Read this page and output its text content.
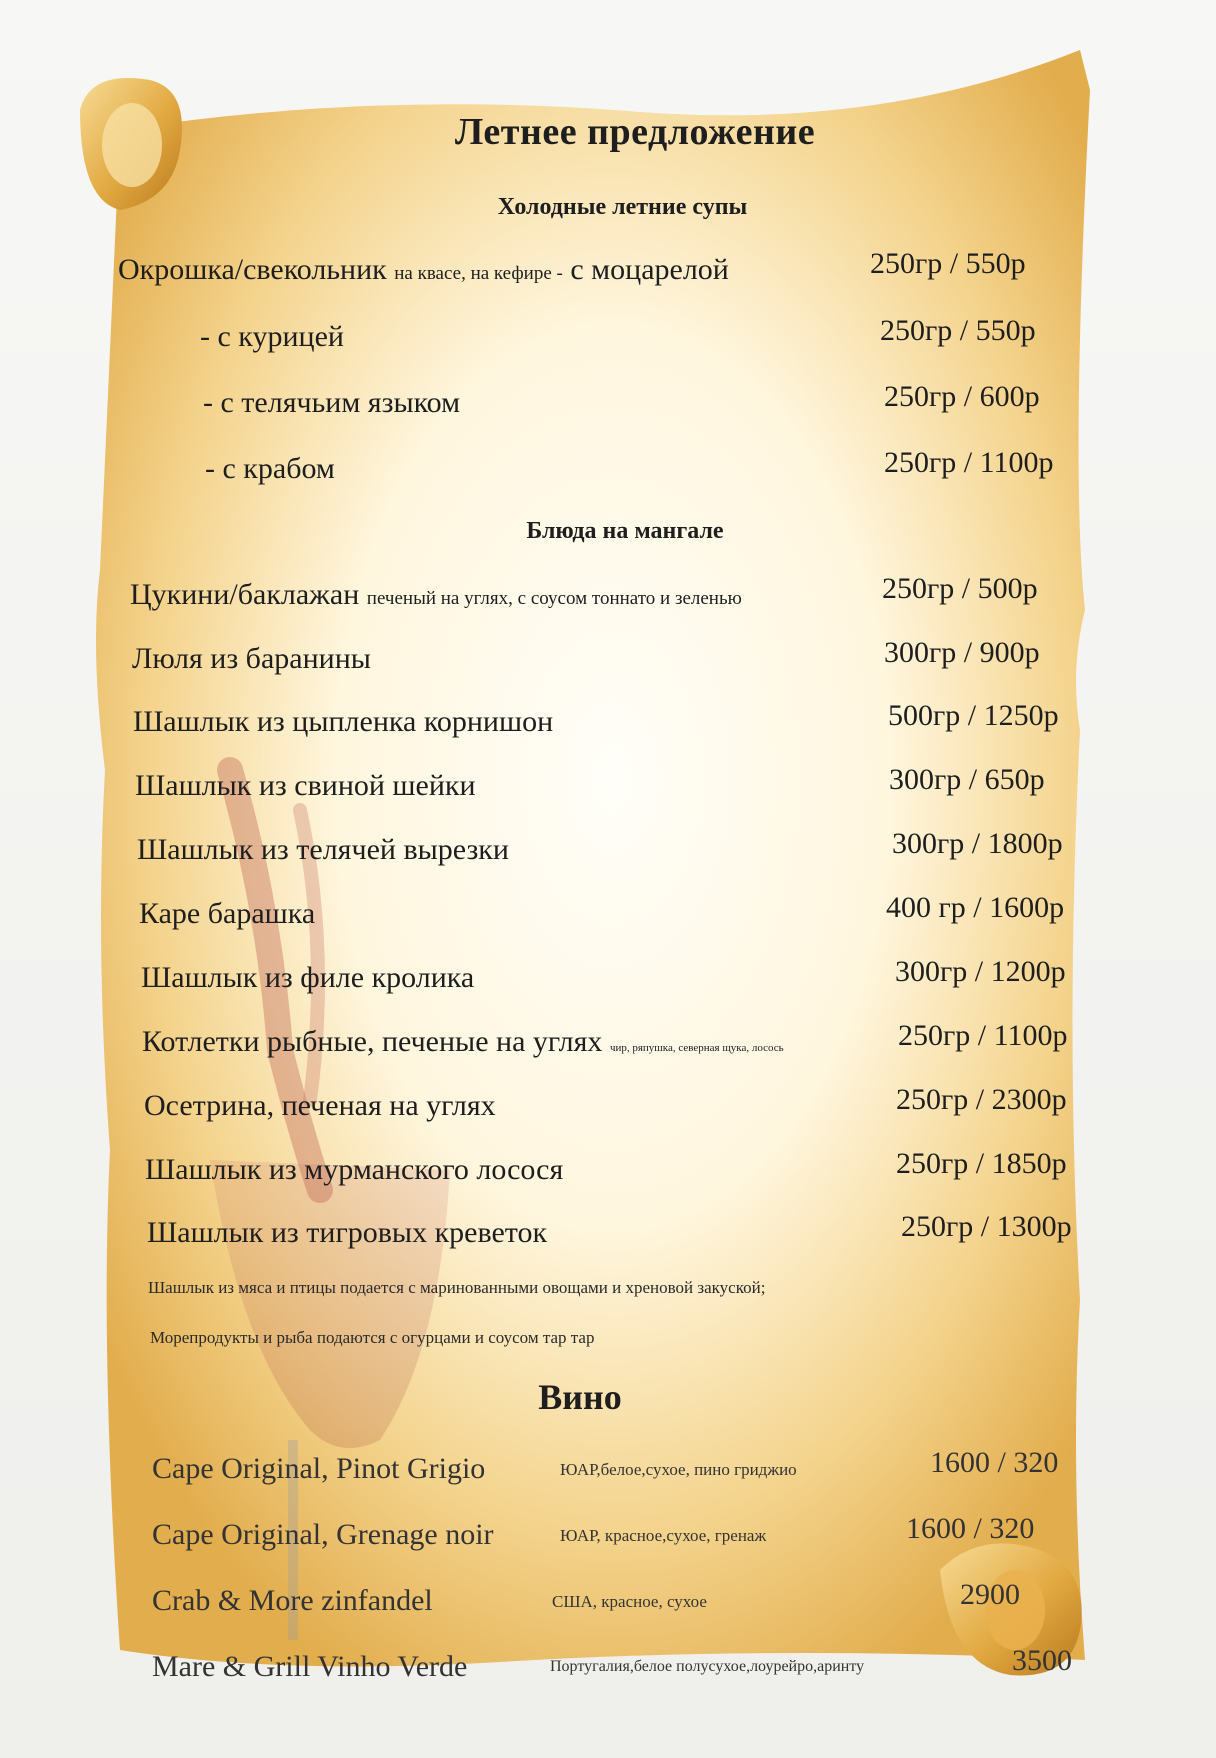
Летнее предложение
Холодные летние супы
Окрошка/свекольник на квасе, на кефире - с моцарелой	250гр / 550р
- с курицей	250гр / 550р
- с телячьим языком	250гр / 600р
- с крабом	250гр / 1100р
Блюда на мангале
Цукини/баклажан печеный на углях, с соусом тоннато и зеленью	250гр / 500р
Люля из баранины	300гр / 900р
Шашлык из цыпленка корнишон	500гр / 1250р
Шашлык из свиной шейки	300гр / 650р
Шашлык из телячей вырезки	300гр / 1800р
Каре барашка	400 гр / 1600р
Шашлык из филе кролика	300гр / 1200р
Котлетки рыбные, печеные на углях чир, ряпушка, северная щука, лосось	250гр / 1100р
Осетрина, печеная на углях	250гр / 2300р
Шашлык из мурманского лосося	250гр / 1850р
Шашлык из тигровых креветок	250гр / 1300р
Шашлык из мяса и птицы подается с маринованными овощами и хреновой закуской;
Морепродукты и рыба подаются с огурцами и соусом тар тар
Вино
Cape Original, Pinot Grigio	ЮАР,белое,сухое, пино гриджио	1600 / 320
Cape Original, Grenage noir	ЮАР, красное,сухое, гренаж	1600 / 320
Crab & More zinfandel	США, красное, сухое	2900
Mare & Grill Vinho Verde	Португалия,белое полусухое,лоурейро,аринту	3500
